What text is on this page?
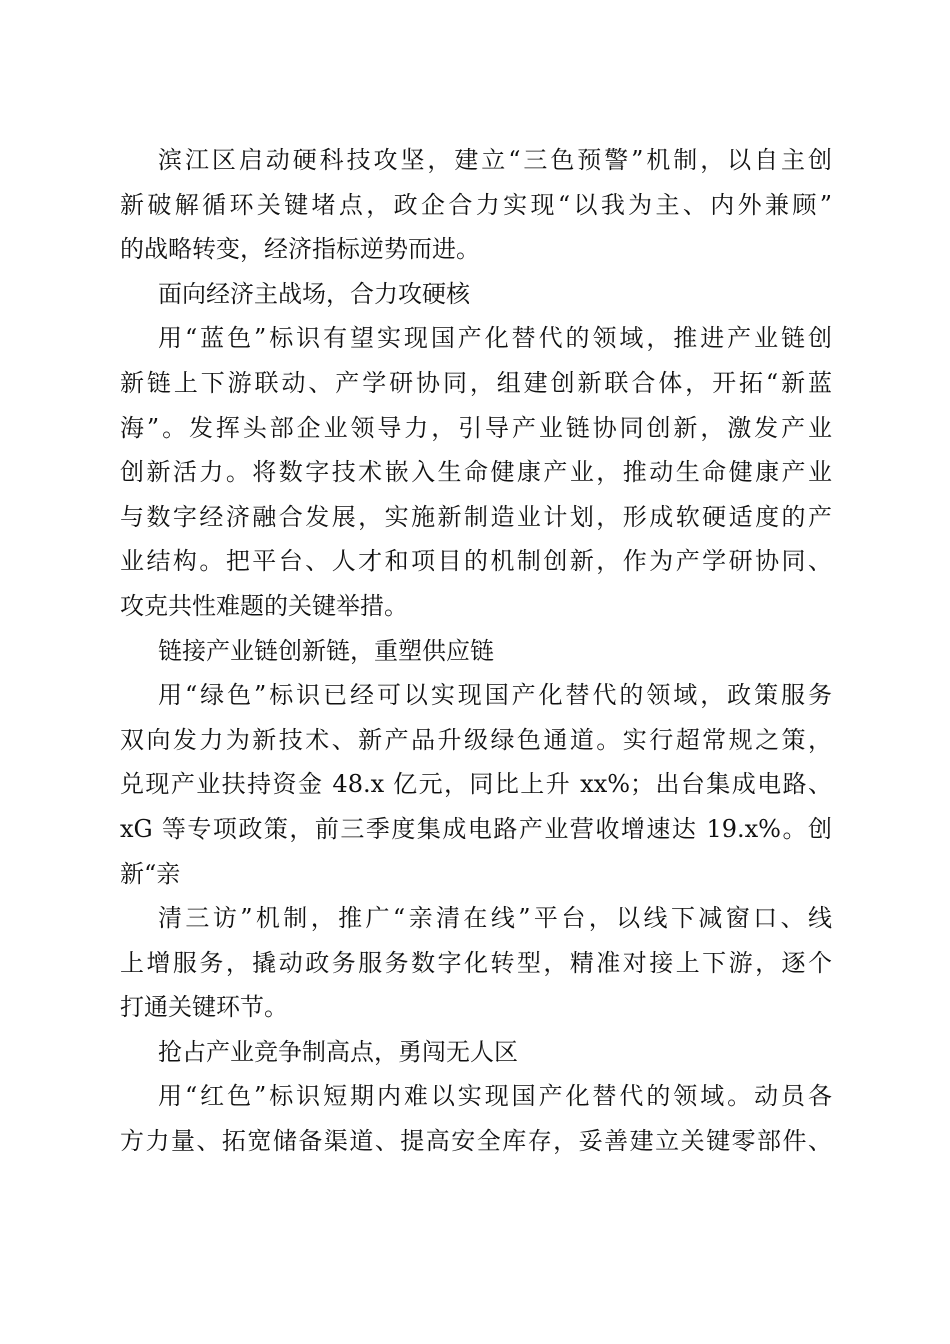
滨江区启动硬科技攻坚，建立“三色预警”机制，以自主创
新破解循环关键堵点，政企合力实现“以我为主、内外兼顾”
的战略转变，经济指标逆势而进。
面向经济主战场，合力攻硬核
用“蓝色”标识有望实现国产化替代的领域，推进产业链创
新链上下游联动、产学研协同，组建创新联合体，开拓“新蓝
海”。发挥头部企业领导力，引导产业链协同创新，激发产业
创新活力。将数字技术嵌入生命健康产业，推动生命健康产业
与数字经济融合发展，实施新制造业计划，形成软硬适度的产
业结构。把平台、人才和项目的机制创新，作为产学研协同、
攻克共性难题的关键举措。
链接产业链创新链，重塑供应链
用“绿色”标识已经可以实现国产化替代的领域，政策服务
双向发力为新技术、新产品升级绿色通道。实行超常规之策，
兑现产业扶持资金 48.x 亿元，同比上升 xx%；出台集成电路、
xG 等专项政策，前三季度集成电路产业营收增速达 19.x%。创
新“亲
清三访”机制，推广“亲清在线”平台，以线下减窗口、线
上增服务，撬动政务服务数字化转型，精准对接上下游，逐个
打通关键环节。
抢占产业竞争制高点，勇闯无人区
用“红色”标识短期内难以实现国产化替代的领域。动员各
方力量、拓宽储备渠道、提高安全库存，妥善建立关键零部件、
